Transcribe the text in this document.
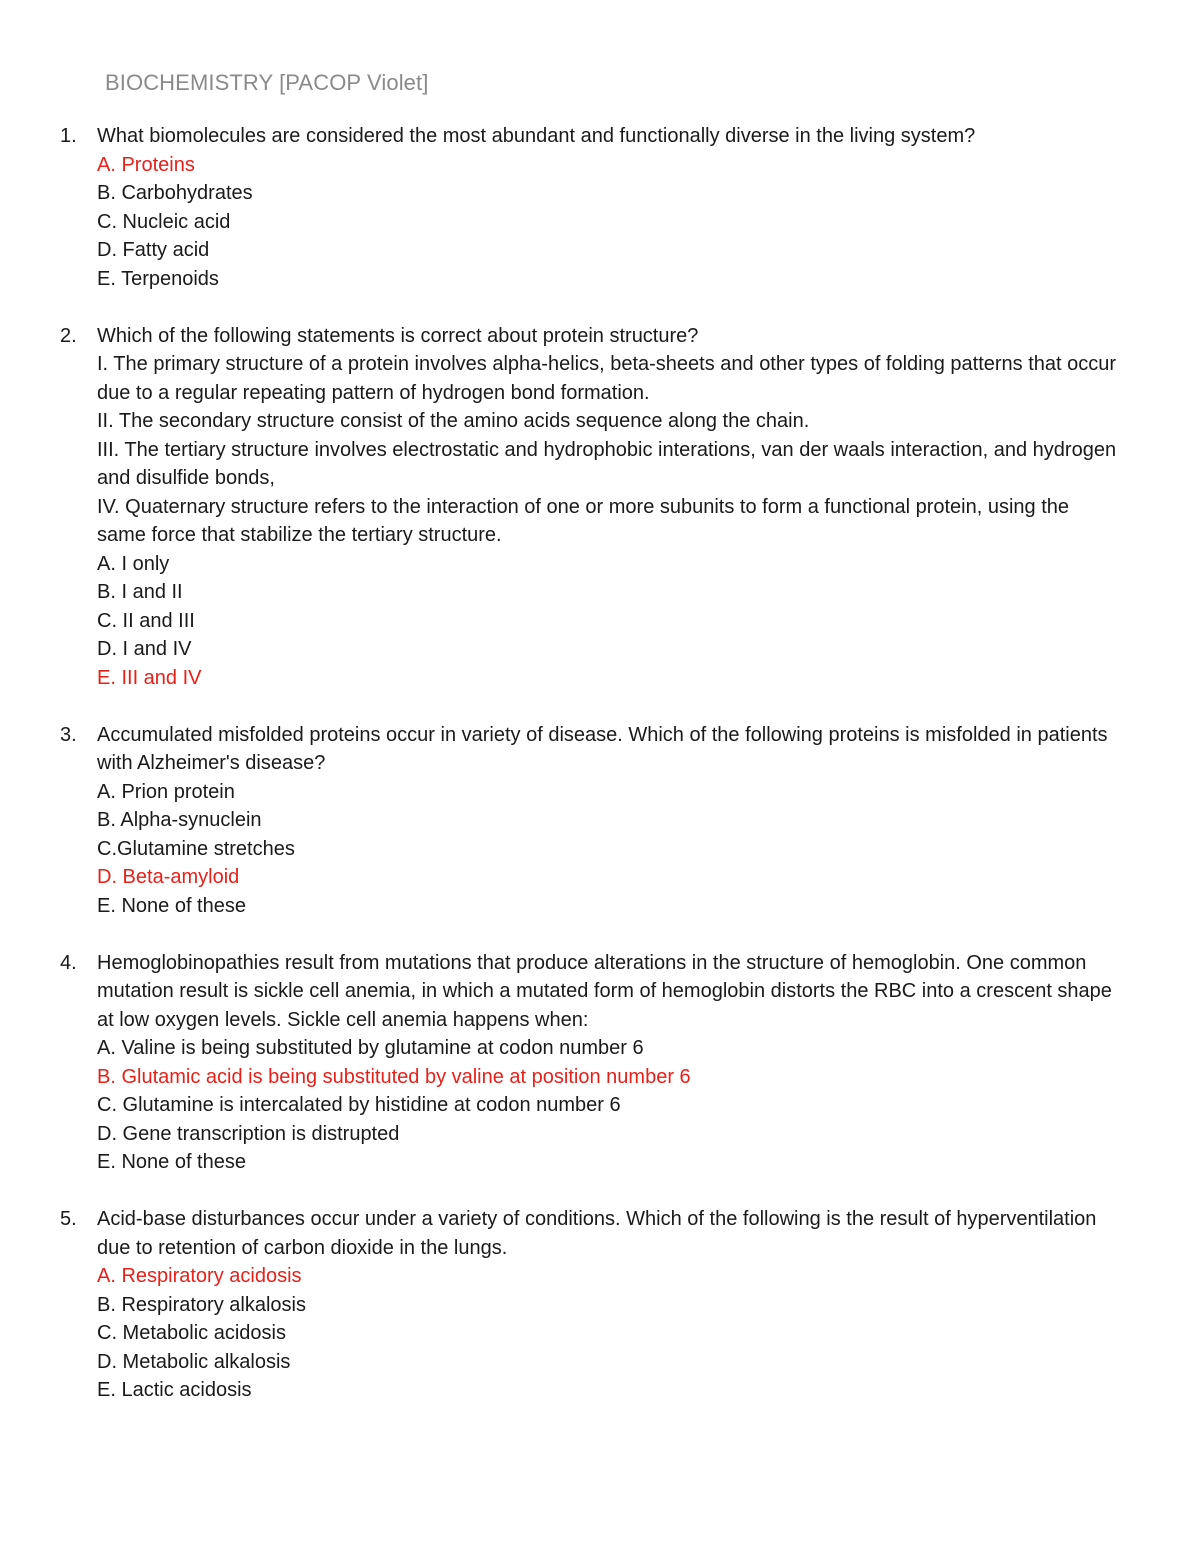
BIOCHEMISTRY [PACOP Violet]
1.	What biomolecules are considered the most abundant and functionally diverse in the living system?
A. Proteins
B. Carbohydrates
C. Nucleic acid
D. Fatty acid
E. Terpenoids
2.	Which of the following statements is correct about protein structure?
I. The primary structure of a protein involves alpha-helics, beta-sheets and other types of folding patterns that occur due to a regular repeating pattern of hydrogen bond formation.
II. The secondary structure consist of the amino acids sequence along the chain.
III. The tertiary structure involves electrostatic and hydrophobic interations, van der waals interaction, and hydrogen and disulfide bonds,
IV. Quaternary structure refers to the interaction of one or more subunits to form a functional protein, using the same force that stabilize the tertiary structure.
A. I only
B. I and II
C. II and III
D. I and IV
E. III and IV
3.	Accumulated misfolded proteins occur in variety of disease. Which of the following proteins is misfolded in patients with Alzheimer's disease?
A. Prion protein
B. Alpha-synuclein
C.Glutamine stretches
D. Beta-amyloid
E. None of these
4.	Hemoglobinopathies result from mutations that produce alterations in the structure of hemoglobin. One common mutation result is sickle cell anemia, in which a mutated form of hemoglobin distorts the RBC into a crescent shape at low oxygen levels. Sickle cell anemia happens when:
A. Valine is being substituted by glutamine at codon number 6
B. Glutamic acid is being substituted by valine at position number 6
C. Glutamine is intercalated by histidine at codon number 6
D. Gene transcription is distrupted
E. None of these
5.	Acid-base disturbances occur under a variety of conditions. Which of the following is the result of hyperventilation due to retention of carbon dioxide in the lungs.
A. Respiratory acidosis
B. Respiratory alkalosis
C. Metabolic acidosis
D. Metabolic alkalosis
E. Lactic acidosis
